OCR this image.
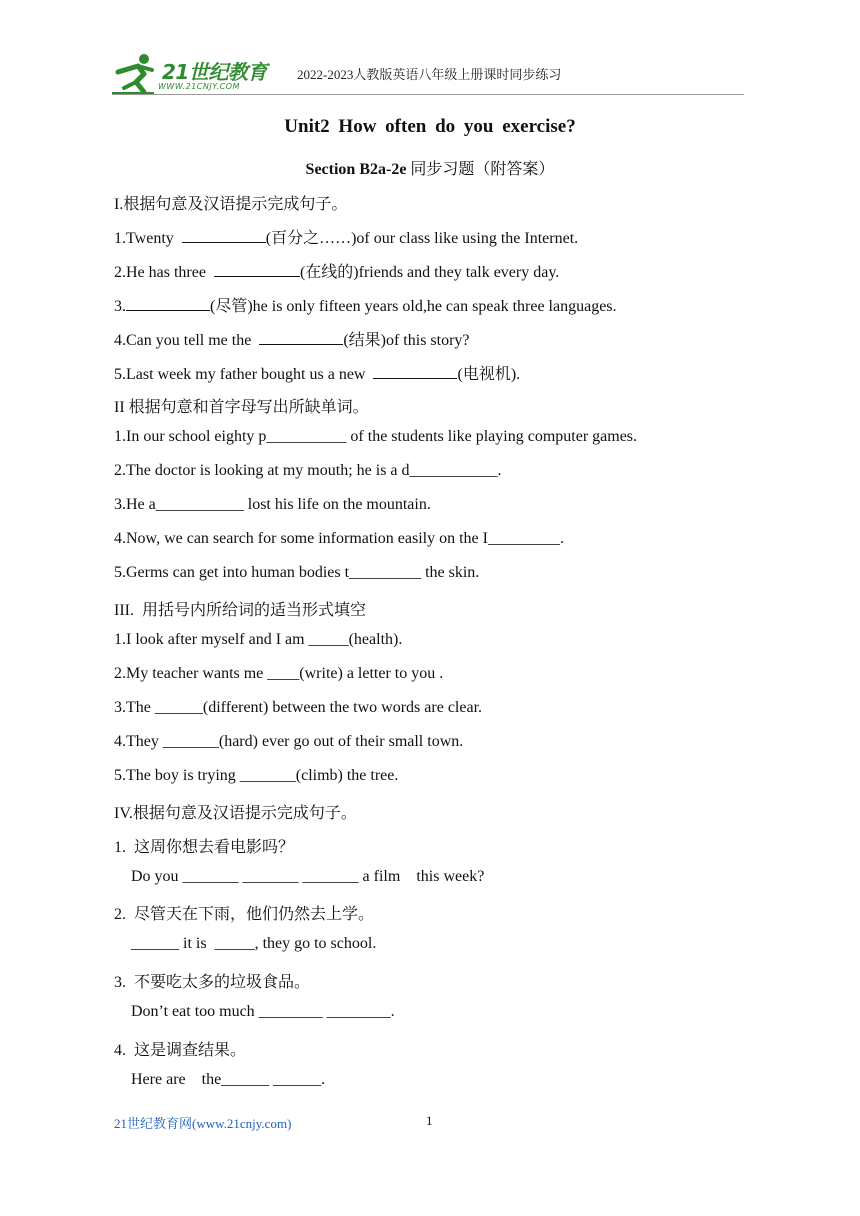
21世纪教育
WWW.21CNJY.COM
2022-2023人教版英语八年级上册课时同步练习
Unit2 How often do you exercise?
Section B2a-2e 同步习题（附答案）
I.根据句意及汉语提示完成句子。
1.Twenty	(百分之……)of our class like using the Internet.
2.He has three	(在线的)friends and they talk every day.
3.	(尽管)he is only fifteen years old,he can speak three languages.
4.Can you tell me the	(结果)of this story?
5.Last week my father bought us a new	(电视机).
II 根据句意和首字母写出所缺单词。
1.In our school eighty p__________ of the students like playing computer games.
2.The doctor is looking at my mouth; he is a d___________.
3.He a___________ lost his life on the mountain.
4.Now, we can search for some information easily on the I_________.
5.Germs can get into human bodies t_________ the skin.
III.  用括号内所给词的适当形式填空
1.I look after myself and I am _____(health).
2.My teacher wants me ____(write) a letter to you .
3.The ______(different) between the two words are clear.
4.They _______(hard) ever go out of their small town.
5.The boy is trying _______(climb) the tree.
IV.根据句意及汉语提示完成句子。
1.  这周你想去看电影吗？
Do you _______ _______ _______ a film    this week?
2.  尽管天在下雨，他们仍然去上学。
______ it is  _____, they go to school.
3.  不要吃太多的垃圾食品。
Don’t eat too much ________ ________.
4.  这是调查结果。
Here are    the______ ______.
21世纪教育网(www.21cnjy.com)	1
